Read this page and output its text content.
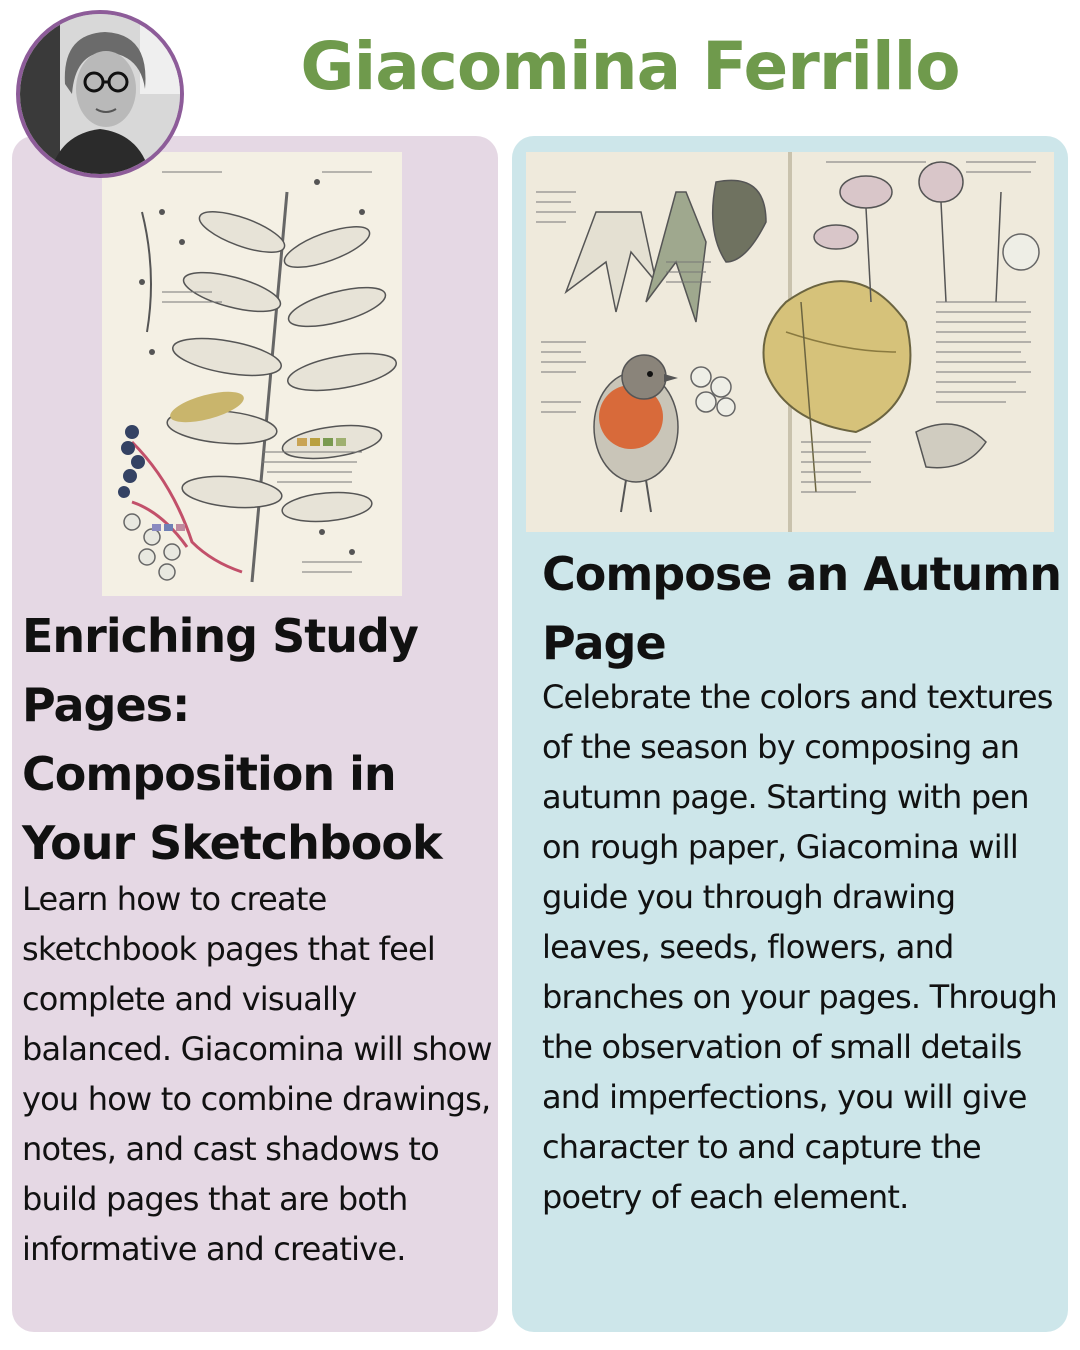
Giacomina Ferrillo
Enriching Study Pages: Composition in Your Sketchbook
Learn how to create sketchbook pages that feel complete and visually balanced. Giacomina will show you how to combine drawings, notes, and cast shadows to build pages that are both informative and creative.
Compose an Autumn Page
Celebrate the colors and textures of the season by composing an autumn page. Starting with pen on rough paper, Giacomina will guide you through drawing leaves, seeds, flowers, and branches on your pages. Through the observation of small details and imperfections, you will give character to and capture the poetry of each element.
